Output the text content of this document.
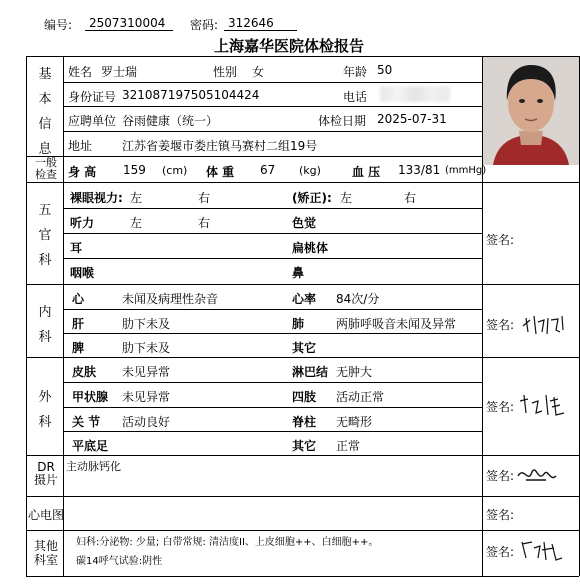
编号:	2507310004	密码: 312646
上海嘉华医院体检报告
基
本
信
息
姓名 罗士瑞	性别 女	年龄 50
身份证号 321087197505104424	电话
应聘单位 谷雨健康（统一）	体检日期 2025-07-31
地址 江苏省姜堰市娄庄镇马赛村二组19号
一般
检查 身 高 159 (cm) 体 重 67 (kg)	血 压 133/81 (mmHg)
五
官
科
裸眼视力: 左	右	(矫正): 左	右
听力	左	右	色觉
耳	扁桃体
咽喉	鼻
签名:
内
科
心	未闻及病理性杂音	心率 84次/分
肝	肋下未及	肺	两肺呼吸音未闻及异常
脾	肋下未及	其它
签名:
外
科
皮肤 未见异常	淋巴结 无肿大
甲状腺 未见异常	四肢 活动正常
关 节 活动良好	脊柱 无畸形
平底足	其它 正常
签名:
DR
摄片
主动脉钙化
签名:
心电图	签名:
其他
科室
妇科:分泌物: 少量; 白带常规: 清洁度II、上皮细胞++、白细胞++。
碳14呼气试验:阴性
签名:
